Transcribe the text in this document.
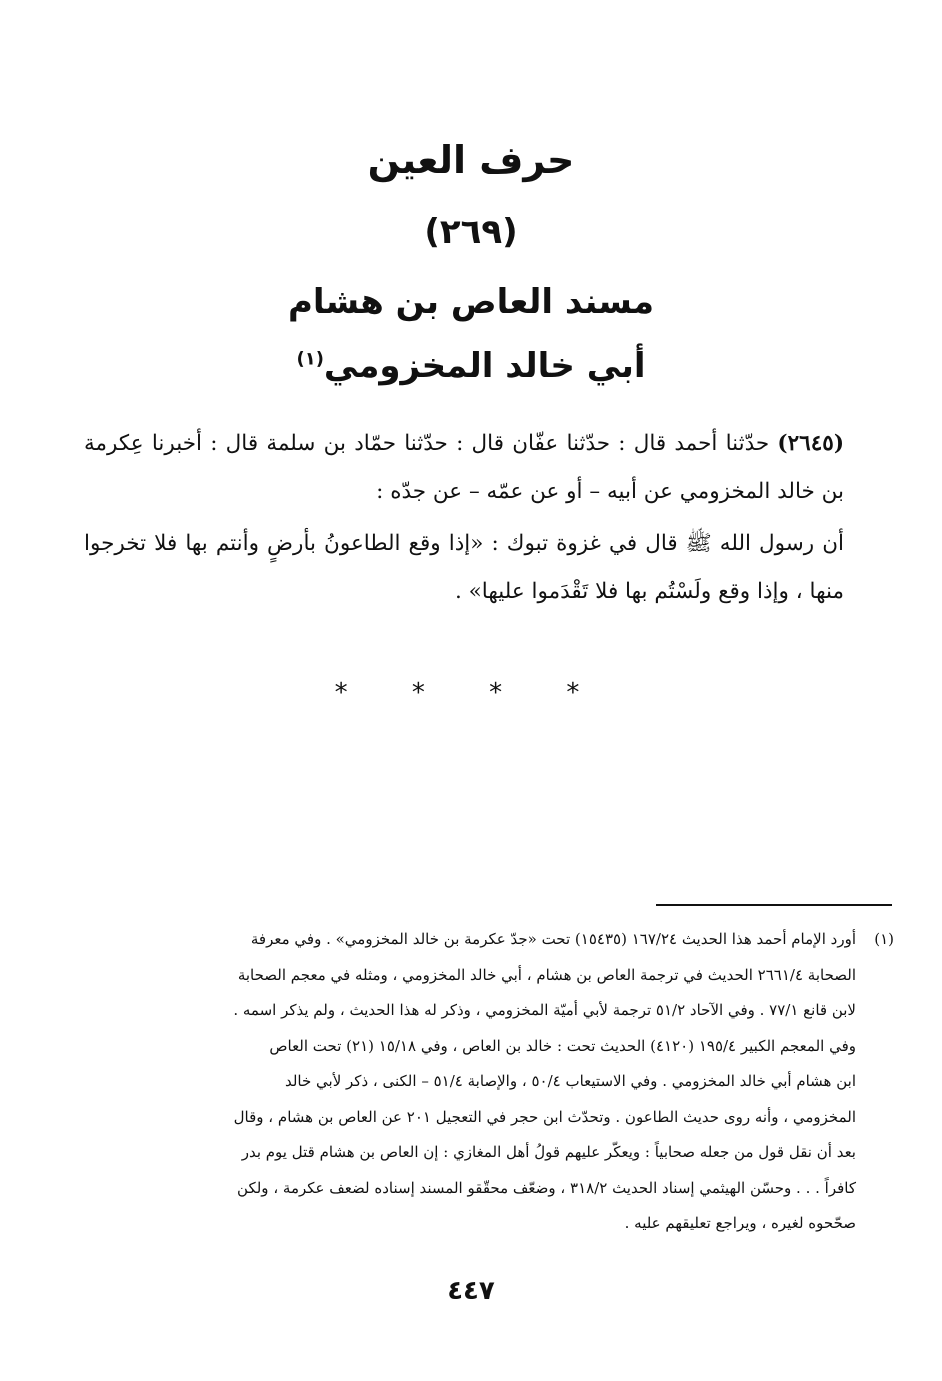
حرف العين
(٢٦٩)
مسند العاص بن هشام
أبي خالد المخزومي$^{(١)}$
(٢٦٤٥) حدّثنا أحمد قال : حدّثنا عفّان قال : حدّثنا حمّاد بن سلمة قال : أخبرنا عِكرمة بن خالد المخزومي عن أبيه – أو عن عمّه – عن جدّه :
أن رسول الله ﷺ قال في غزوة تبوك : «إذا وقع الطاعونُ بأرضٍ وأنتم بها فلا تخرجوا منها ، وإذا وقع ولَسْتُم بها فلا تَقْدَموا عليها» .
* * * *
(١)
أورد الإمام أحمد هذا الحديث ١٦٧/٢٤ (١٥٤٣٥) تحت «جدّ عكرمة بن خالد المخزومي» . وفي معرفة
الصحابة ٢٦٦١/٤ الحديث في ترجمة العاص بن هشام ، أبي خالد المخزومي ، ومثله في معجم الصحابة
لابن قانع ٧٧/١ . وفي الآحاد ٥١/٢ ترجمة لأبي أميّة المخزومي ، وذكر له هذا الحديث ، ولم يذكر اسمه .
وفي المعجم الكبير ١٩٥/٤ (٤١٢٠) الحديث تحت : خالد بن العاص ، وفي ١٥/١٨ (٢١) تحت العاص
ابن هشام أبي خالد المخزومي . وفي الاستيعاب ٥٠/٤ ، والإصابة ٥١/٤ – الكنى ، ذكر لأبي خالد
المخزومي ، وأنه روى حديث الطاعون . وتحدّث ابن حجر في التعجيل ٢٠١ عن العاص بن هشام ، وقال
بعد أن نقل قول من جعله صحابياً : ويعكّر عليهم قولُ أهل المغازي : إن العاص بن هشام قتل يوم بدر
كافراً . . . وحسّن الهيثمي إسناد الحديث ٣١٨/٢ ، وضعّف محقّقو المسند إسناده لضعف عكرمة ، ولكن
صحّحوه لغيره ، ويراجع تعليقهم عليه .
٤٤٧
